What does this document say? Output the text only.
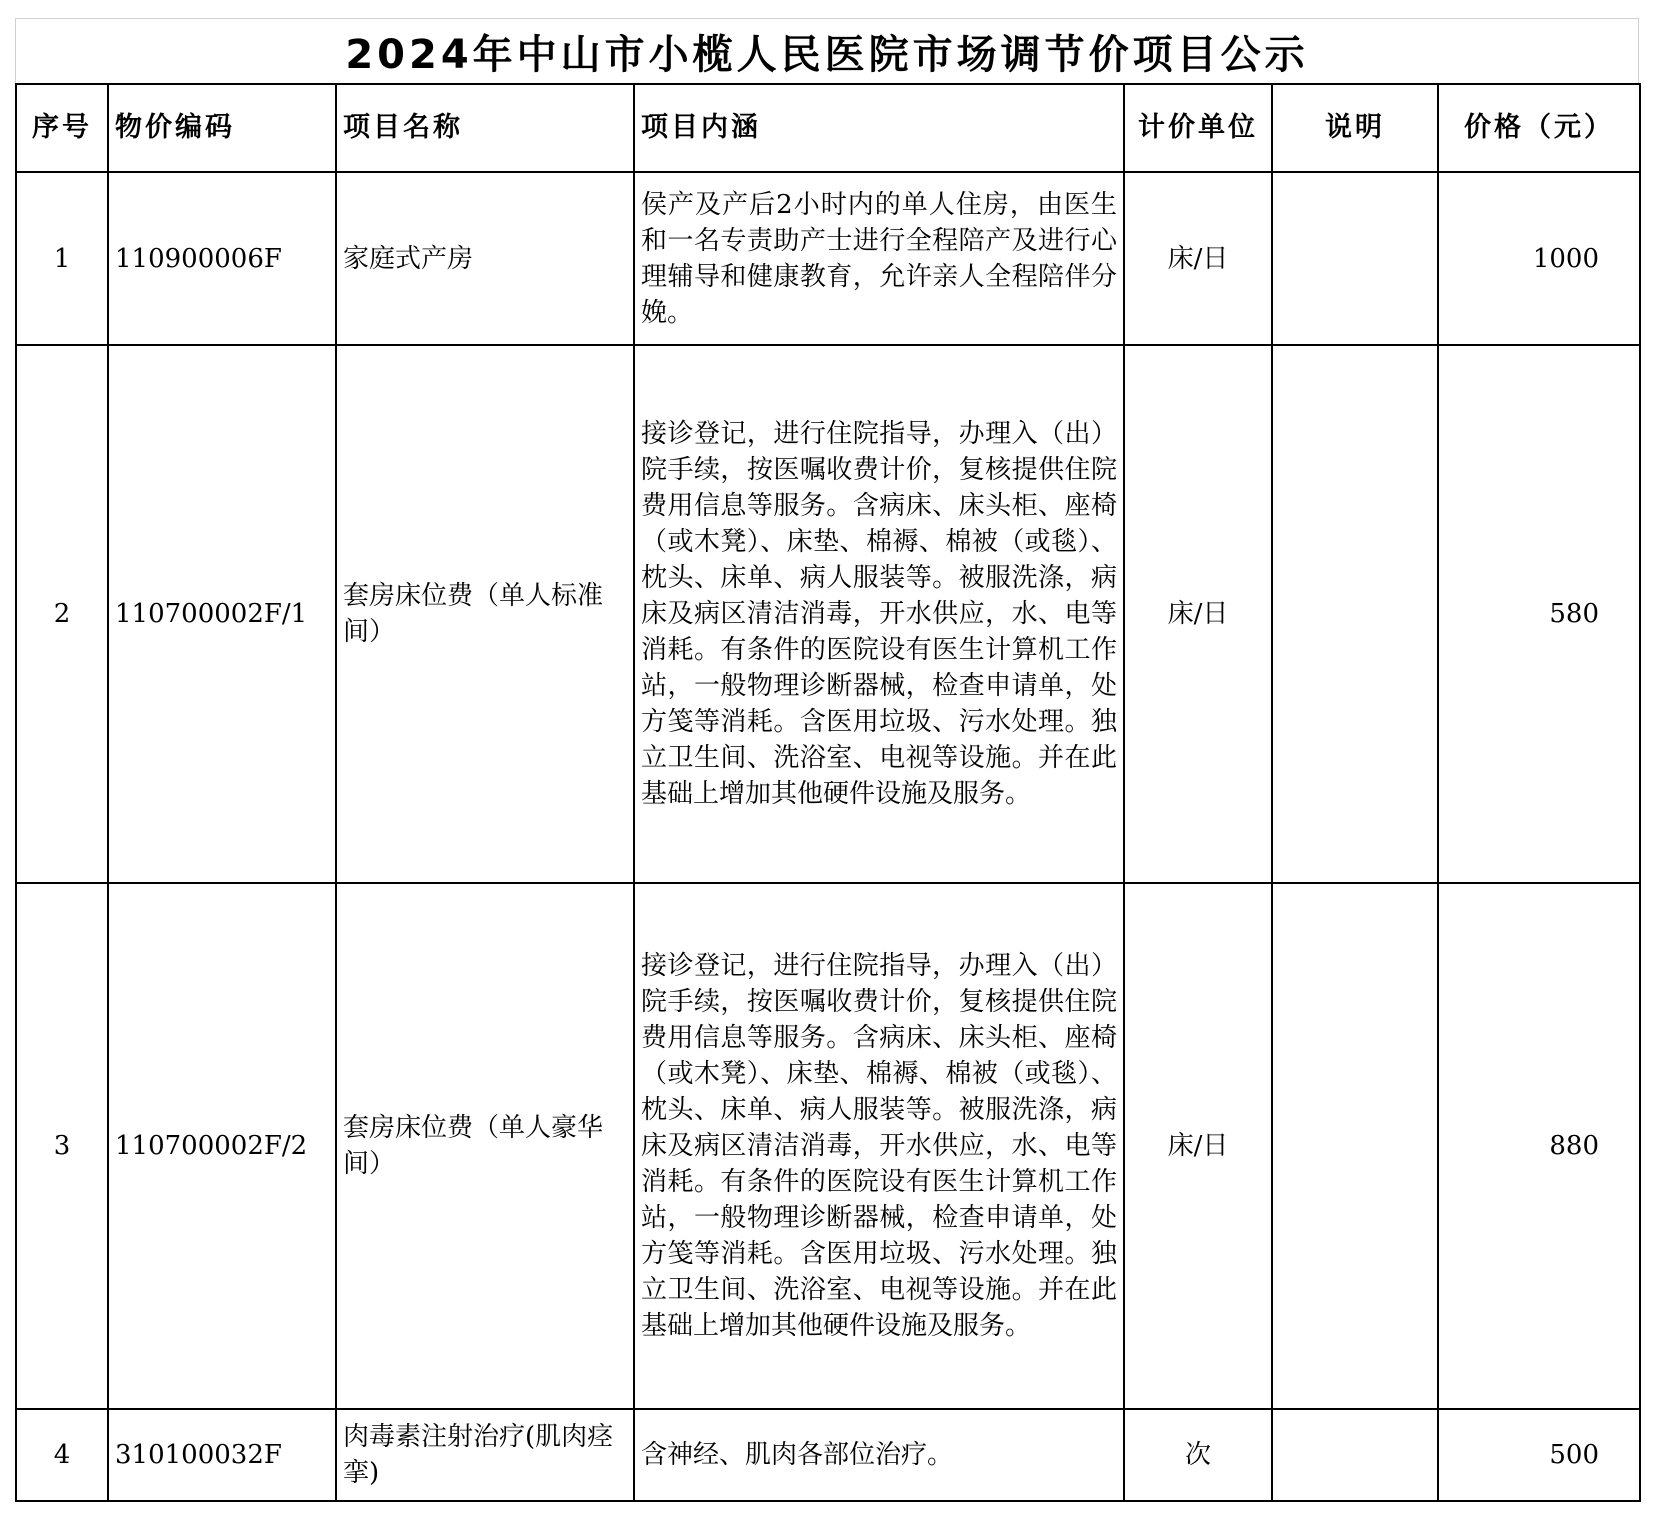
2024年中山市小榄人民医院市场调节价项目公示
序号	物价编码	项目名称	项目内涵	计价单位	说明	价格（元）
1	110900006F	家庭式产房	侯产及产后2小时内的单人住房，由医生和一名专责助产士进行全程陪产及进行心理辅导和健康教育，允许亲人全程陪伴分娩。	床/日		1000
2	110700002F/1	套房床位费（单人标准间）	接诊登记，进行住院指导，办理入（出）院手续，按医嘱收费计价，复核提供住院费用信息等服务。含病床、床头柜、座椅（或木凳）、床垫、棉褥、棉被（或毯）、枕头、床单、病人服装等。被服洗涤，病床及病区清洁消毒，开水供应，水、电等消耗。有条件的医院设有医生计算机工作站，一般物理诊断器械，检查申请单，处方笺等消耗。含医用垃圾、污水处理。独立卫生间、洗浴室、电视等设施。并在此基础上增加其他硬件设施及服务。	床/日		580
3	110700002F/2	套房床位费（单人豪华间）	接诊登记，进行住院指导，办理入（出）院手续，按医嘱收费计价，复核提供住院费用信息等服务。含病床、床头柜、座椅（或木凳）、床垫、棉褥、棉被（或毯）、枕头、床单、病人服装等。被服洗涤，病床及病区清洁消毒，开水供应，水、电等消耗。有条件的医院设有医生计算机工作站，一般物理诊断器械，检查申请单，处方笺等消耗。含医用垃圾、污水处理。独立卫生间、洗浴室、电视等设施。并在此基础上增加其他硬件设施及服务。	床/日		880
4	310100032F	肉毒素注射治疗(肌肉痉挛)	含神经、肌肉各部位治疗。	次		500
